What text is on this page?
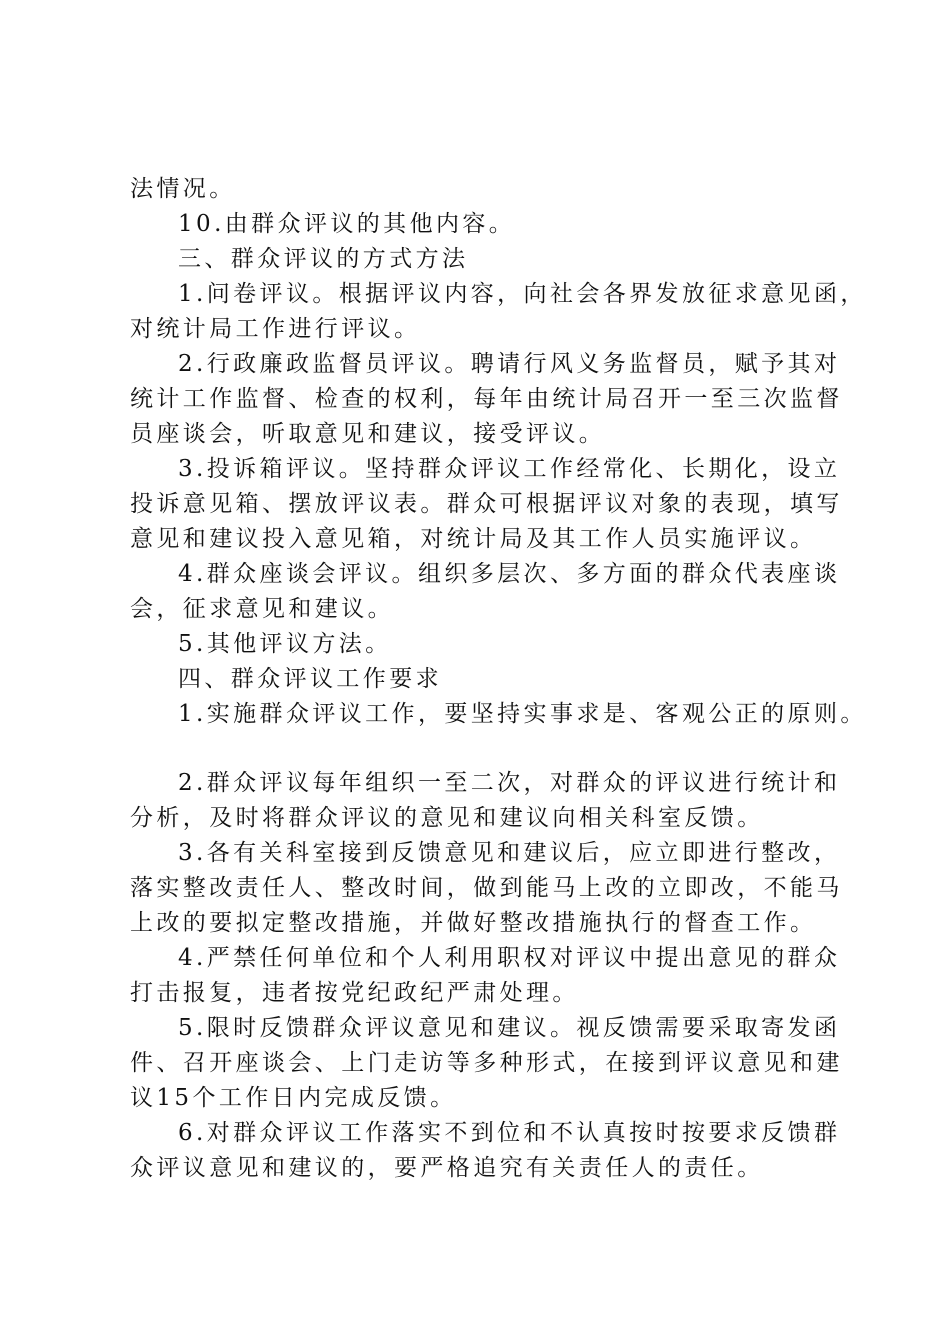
法情况。
10.由群众评议的其他内容。
三、群众评议的方式方法
1.问卷评议。根据评议内容，向社会各界发放征求意见函，
对统计局工作进行评议。
2.行政廉政监督员评议。聘请行风义务监督员，赋予其对
统计工作监督、检查的权利，每年由统计局召开一至三次监督
员座谈会，听取意见和建议，接受评议。
3.投诉箱评议。坚持群众评议工作经常化、长期化，设立
投诉意见箱、摆放评议表。群众可根据评议对象的表现，填写
意见和建议投入意见箱，对统计局及其工作人员实施评议。
4.群众座谈会评议。组织多层次、多方面的群众代表座谈
会，征求意见和建议。
5.其他评议方法。
四、群众评议工作要求
1.实施群众评议工作，要坚持实事求是、客观公正的原则。
2.群众评议每年组织一至二次，对群众的评议进行统计和
分析，及时将群众评议的意见和建议向相关科室反馈。
3.各有关科室接到反馈意见和建议后，应立即进行整改，
落实整改责任人、整改时间，做到能马上改的立即改，不能马
上改的要拟定整改措施，并做好整改措施执行的督查工作。
4.严禁任何单位和个人利用职权对评议中提出意见的群众
打击报复，违者按党纪政纪严肃处理。
5.限时反馈群众评议意见和建议。视反馈需要采取寄发函
件、召开座谈会、上门走访等多种形式，在接到评议意见和建
议15个工作日内完成反馈。
6.对群众评议工作落实不到位和不认真按时按要求反馈群
众评议意见和建议的，要严格追究有关责任人的责任。
